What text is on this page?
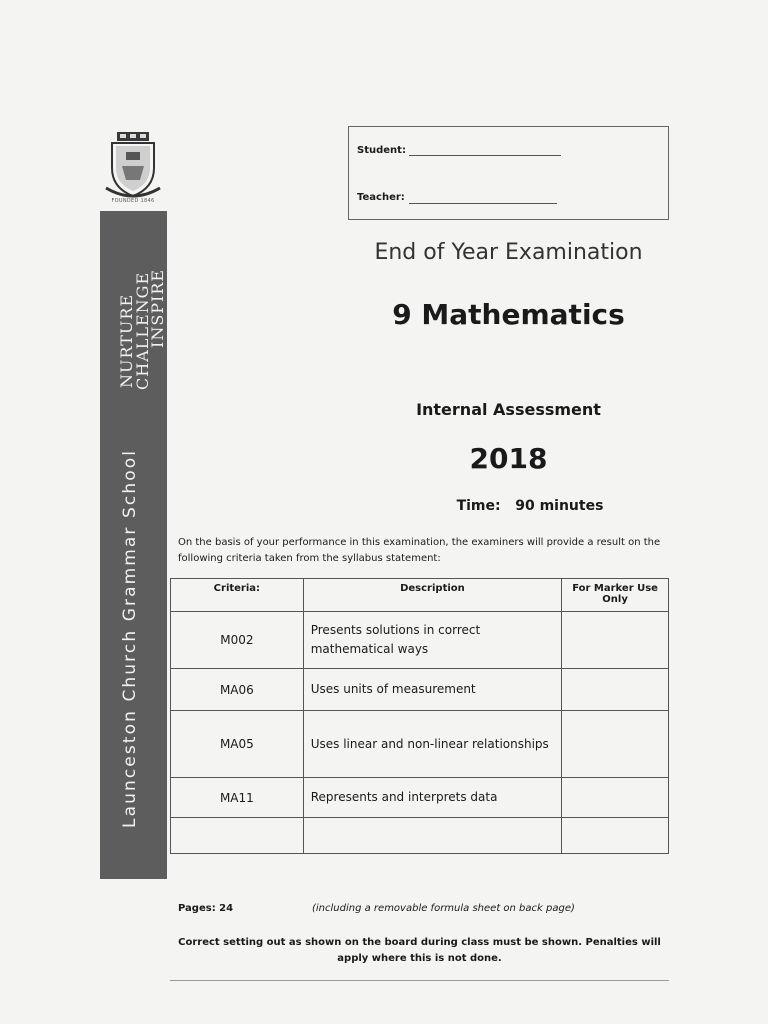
FOUNDED 1846
NURTURE
CHALLENGE
INSPIRE
Launceston Church Grammar School
Student:
Teacher:
End of Year Examination
9 Mathematics
Internal Assessment
2018
Time: 90 minutes
On the basis of your performance in this examination, the examiners will provide a result on the following criteria taken from the syllabus statement:
Criteria:	Description	For Marker Use Only
M002	Presents solutions in correct mathematical ways	
MA06	Uses units of measurement	
MA05	Uses linear and non-linear relationships	
MA11	Represents and interprets data	

Pages: 24	(including a removable formula sheet on back page)
Correct setting out as shown on the board during class must be shown. Penalties will apply where this is not done.
